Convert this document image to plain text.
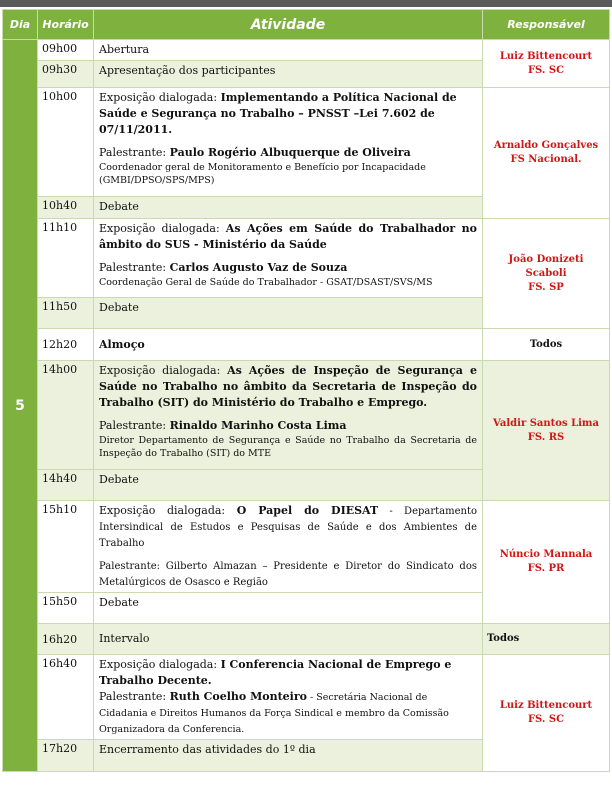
Dia	Horário	Atividade	Responsável
5	09h00	Abertura	Luiz Bittencourt
FS. SC
	09h30	Apresentação dos participantes	
	10h00	Exposição dialogada: Implementando a Política Nacional de Saúde e Segurança no Trabalho – PNSST –Lei 7.602 de 07/11/2011.
Palestrante: Paulo Rogério Albuquerque de Oliveira
Coordenador geral de Monitoramento e Benefício por Incapacidade (GMBI/DPSO/SPS/MPS)	Arnaldo Gonçalves
FS Nacional.
	10h40	Debate	
	11h10	Exposição dialogada: As Ações em Saúde do Trabalhador no âmbito do SUS - Ministério da Saúde
Palestrante: Carlos Augusto Vaz de Souza
Coordenação Geral de Saúde do Trabalhador - GSAT/DSAST/SVS/MS	João Donizeti Scaboli
FS. SP
	11h50	Debate	
	12h20	Almoço	Todos
	14h00	Exposição dialogada: As Ações de Inspeção de Segurança e Saúde no Trabalho no âmbito da Secretaria de Inspeção do Trabalho (SIT) do Ministério do Trabalho e Emprego.
Palestrante: Rinaldo Marinho Costa Lima
Diretor Departamento de Segurança e Saúde no Trabalho da Secretaria de Inspeção do Trabalho (SIT) do MTE	Valdir Santos Lima
FS. RS
	14h40	Debate	
	15h10	Exposição dialogada: O Papel do DIESAT - Departamento Intersindical de Estudos e Pesquisas de Saúde e dos Ambientes de Trabalho
Palestrante: Gilberto Almazan – Presidente e Diretor do Sindicato dos Metalúrgicos de Osasco e Região	Núncio Mannala
FS. PR
	15h50	Debate	
	16h20	Intervalo	Todos
	16h40	Exposição dialogada: I Conferencia Nacional de Emprego e Trabalho Decente.
Palestrante: Ruth Coelho Monteiro - Secretária Nacional de Cidadania e Direitos Humanos da Força Sindical e membro da Comissão Organizadora da Conferencia.	Luiz Bittencourt
FS. SC
	17h20	Encerramento das atividades do 1º dia	
